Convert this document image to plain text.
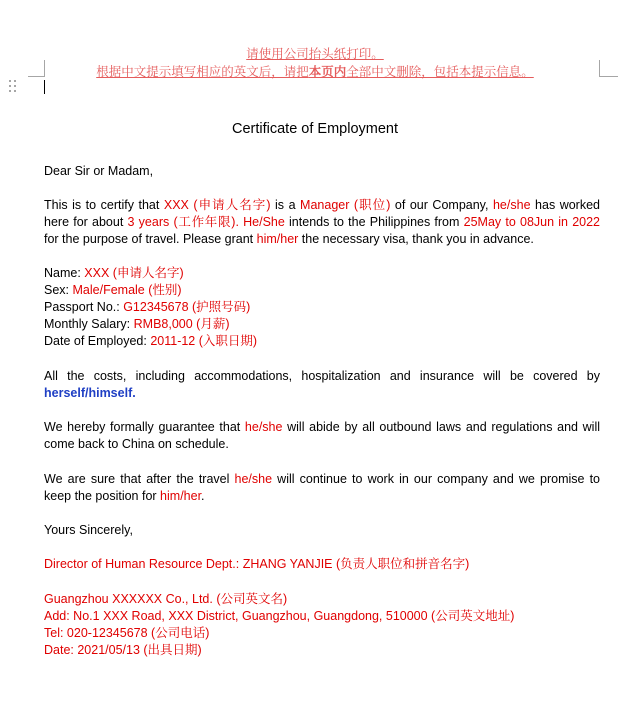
请使用公司抬头纸打印。
根据中文提示填写相应的英文后，请把本页内全部中文删除，包括本提示信息。
Certificate of Employment
Dear Sir or Madam,
This is to certify that XXX (申请人名字) is a Manager (职位) of our Company, he/she has worked here for about 3 years (工作年限). He/She intends to the Philippines from 25May to 08Jun in 2022 for the purpose of travel. Please grant him/her the necessary visa, thank you in advance.
Name: XXX (申请人名字)
Sex: Male/Female (性别)
Passport No.: G12345678 (护照号码)
Monthly Salary: RMB8,000 (月薪)
Date of Employed: 2011-12 (入职日期)
All the costs, including accommodations, hospitalization and insurance will be covered by herself/himself.
We hereby formally guarantee that he/she will abide by all outbound laws and regulations and will come back to China on schedule.
We are sure that after the travel he/she will continue to work in our company and we promise to keep the position for him/her.
Yours Sincerely,
Director of Human Resource Dept.: ZHANG YANJIE (负责人职位和拼音名字)
Guangzhou XXXXXX Co., Ltd. (公司英文名)
Add: No.1 XXX Road, XXX District, Guangzhou, Guangdong, 510000 (公司英文地址)
Tel: 020-12345678 (公司电话)
Date: 2021/05/13 (出具日期)
